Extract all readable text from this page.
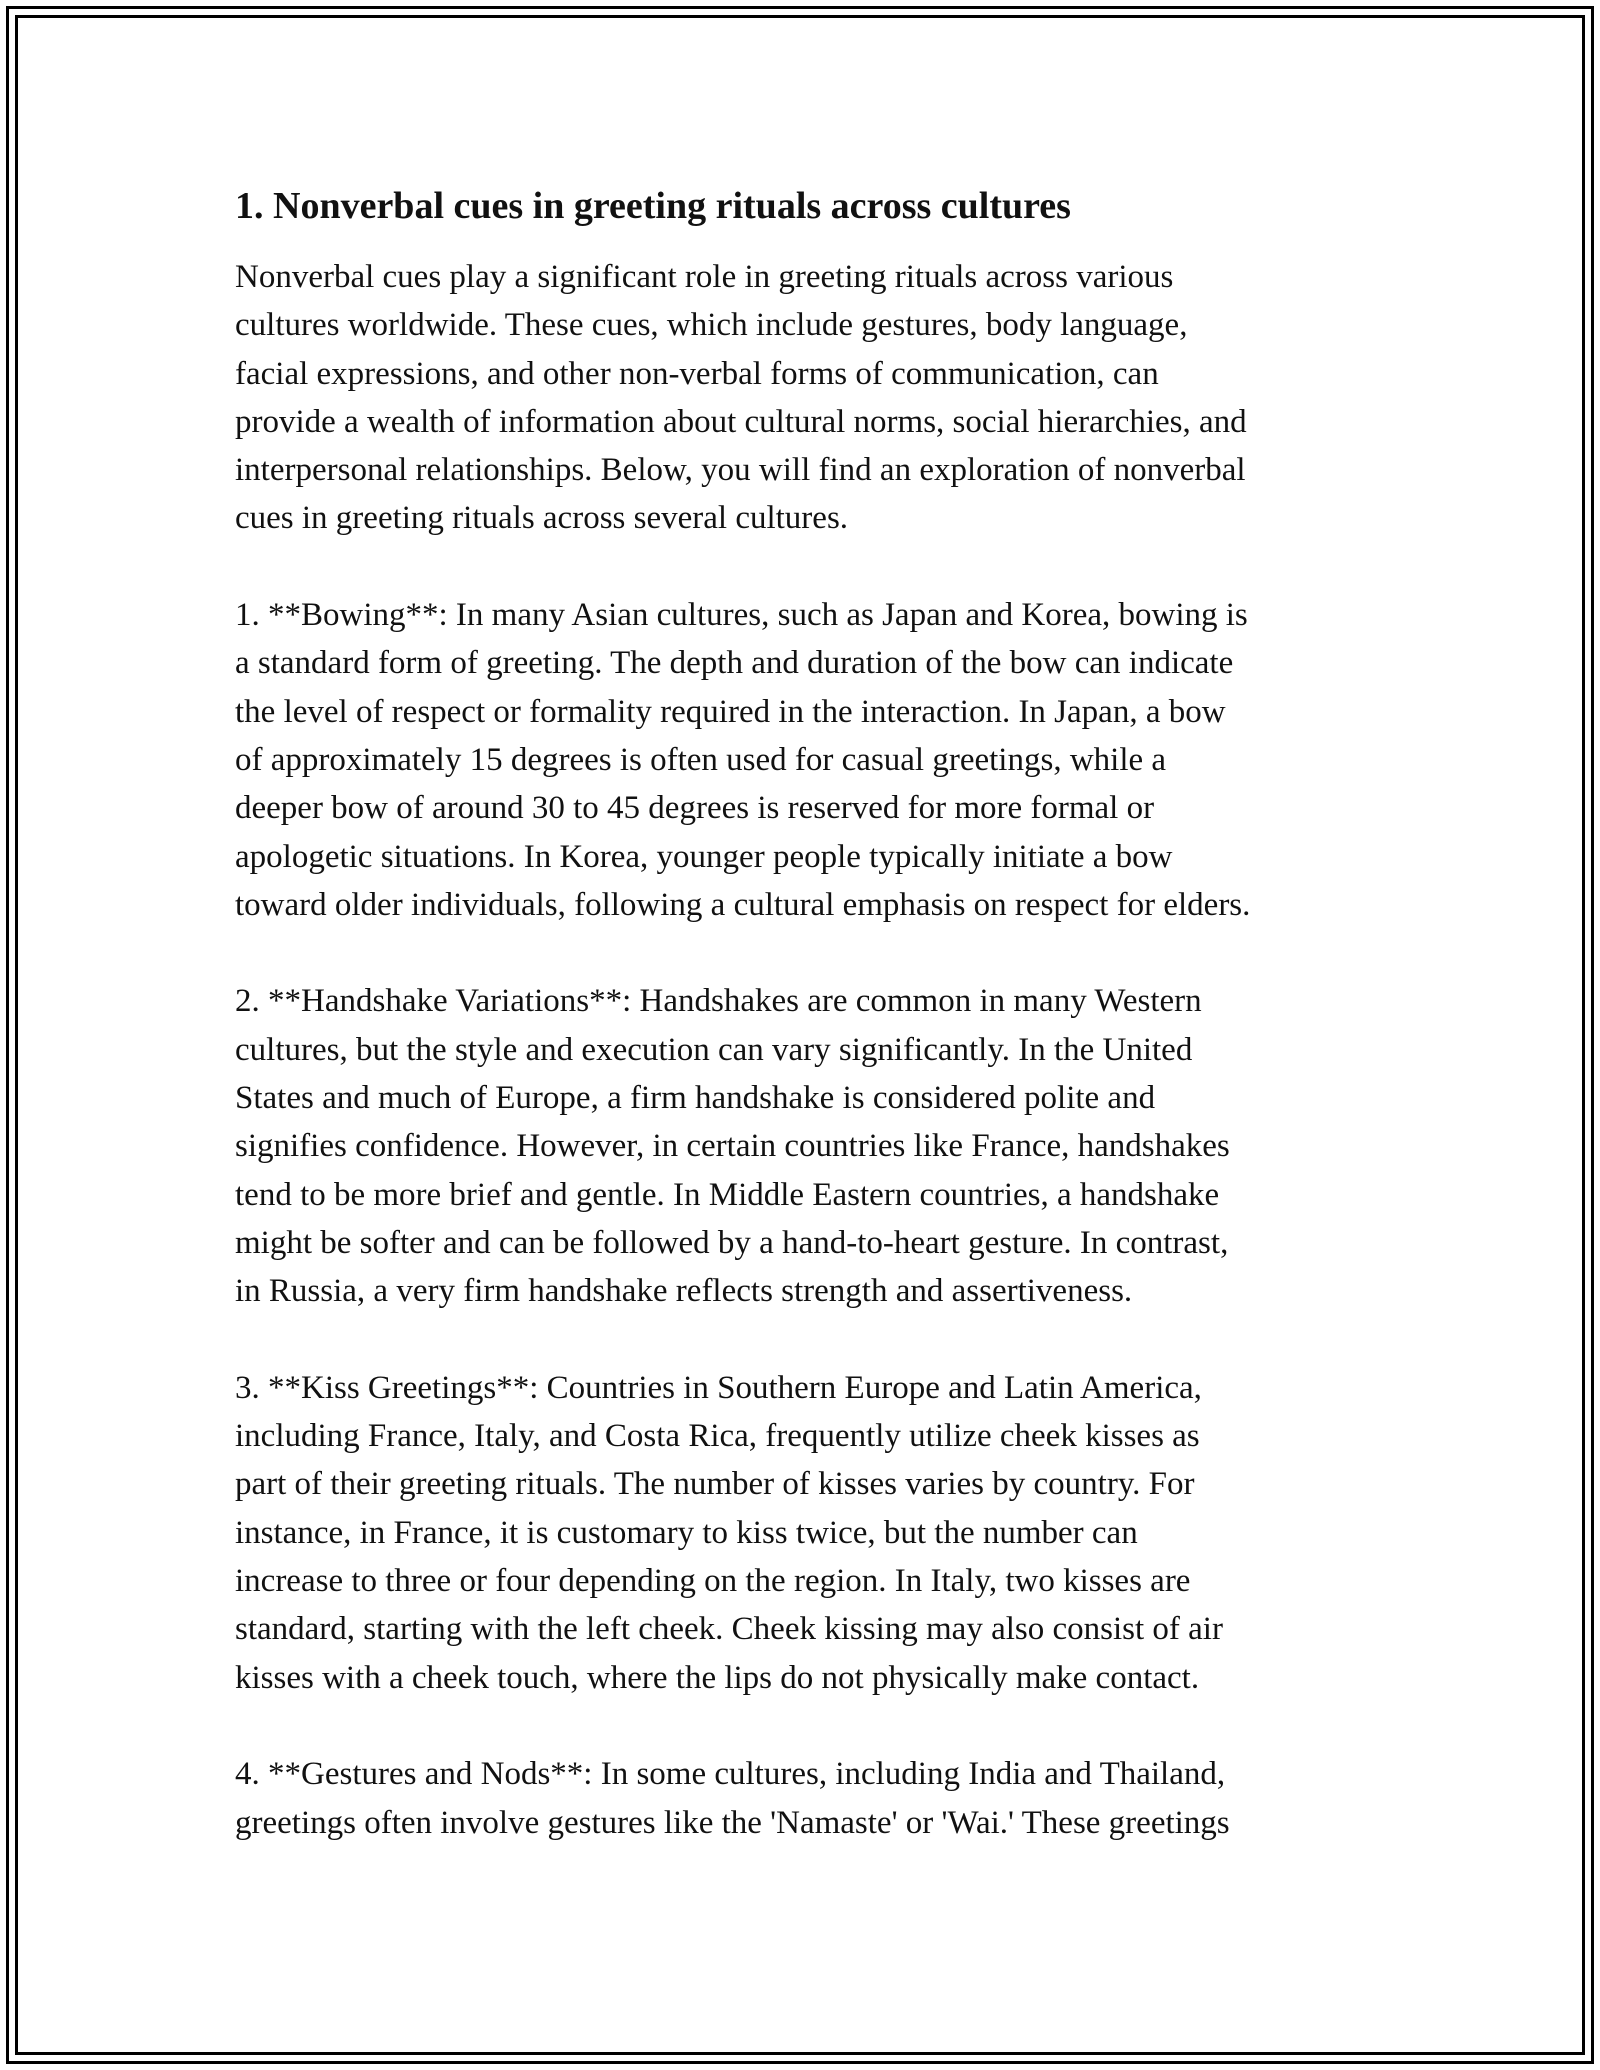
1. Nonverbal cues in greeting rituals across cultures
Nonverbal cues play a significant role in greeting rituals across various
cultures worldwide. These cues, which include gestures, body language,
facial expressions, and other non-verbal forms of communication, can
provide a wealth of information about cultural norms, social hierarchies, and
interpersonal relationships. Below, you will find an exploration of nonverbal
cues in greeting rituals across several cultures.
1. **Bowing**: In many Asian cultures, such as Japan and Korea, bowing is
a standard form of greeting. The depth and duration of the bow can indicate
the level of respect or formality required in the interaction. In Japan, a bow
of approximately 15 degrees is often used for casual greetings, while a
deeper bow of around 30 to 45 degrees is reserved for more formal or
apologetic situations. In Korea, younger people typically initiate a bow
toward older individuals, following a cultural emphasis on respect for elders.
2. **Handshake Variations**: Handshakes are common in many Western
cultures, but the style and execution can vary significantly. In the United
States and much of Europe, a firm handshake is considered polite and
signifies confidence. However, in certain countries like France, handshakes
tend to be more brief and gentle. In Middle Eastern countries, a handshake
might be softer and can be followed by a hand-to-heart gesture. In contrast,
in Russia, a very firm handshake reflects strength and assertiveness.
3. **Kiss Greetings**: Countries in Southern Europe and Latin America,
including France, Italy, and Costa Rica, frequently utilize cheek kisses as
part of their greeting rituals. The number of kisses varies by country. For
instance, in France, it is customary to kiss twice, but the number can
increase to three or four depending on the region. In Italy, two kisses are
standard, starting with the left cheek. Cheek kissing may also consist of air
kisses with a cheek touch, where the lips do not physically make contact.
4. **Gestures and Nods**: In some cultures, including India and Thailand,
greetings often involve gestures like the 'Namaste' or 'Wai.' These greetings
